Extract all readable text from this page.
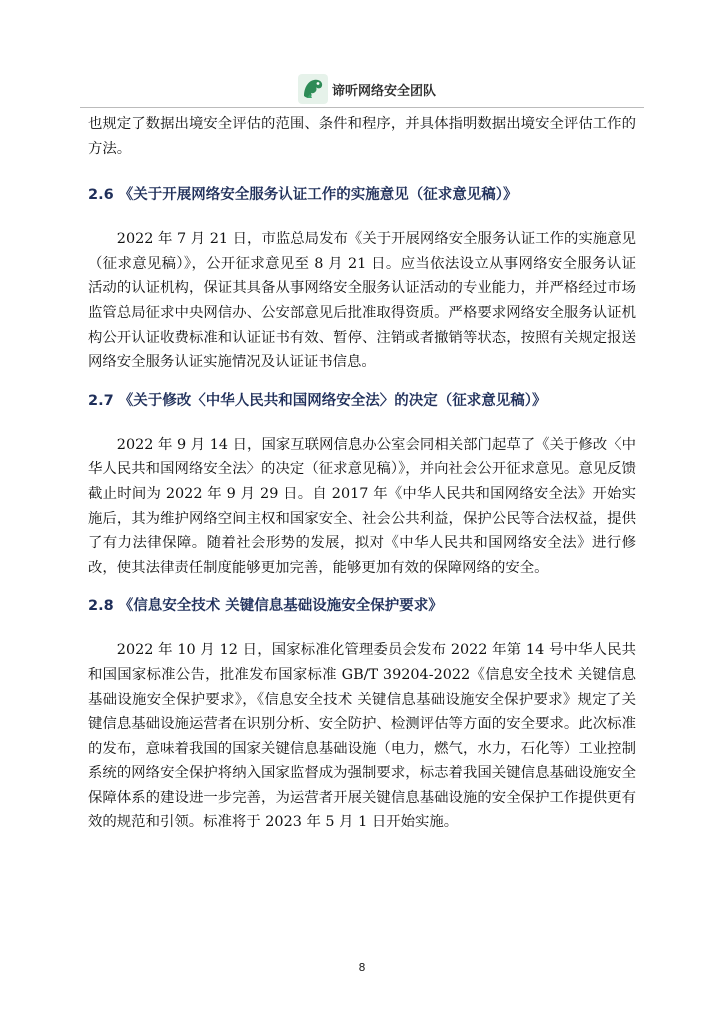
谛听网络安全团队

也规定了数据出境安全评估的范围、条件和程序，并具体指明数据出境安全评估工作的方法。

2.6 《关于开展网络安全服务认证工作的实施意见（征求意见稿）》

2022 年 7 月 21 日，市监总局发布《关于开展网络安全服务认证工作的实施意见（征求意见稿）》，公开征求意见至 8 月 21 日。应当依法设立从事网络安全服务认证活动的认证机构，保证其具备从事网络安全服务认证活动的专业能力，并严格经过市场监管总局征求中央网信办、公安部意见后批准取得资质。严格要求网络安全服务认证机构公开认证收费标准和认证证书有效、暂停、注销或者撤销等状态，按照有关规定报送网络安全服务认证实施情况及认证证书信息。

2.7 《关于修改〈中华人民共和国网络安全法〉的决定（征求意见稿）》

2022 年 9 月 14 日，国家互联网信息办公室会同相关部门起草了《关于修改〈中华人民共和国网络安全法〉的决定（征求意见稿）》，并向社会公开征求意见。意见反馈截止时间为 2022 年 9 月 29 日。自 2017 年《中华人民共和国网络安全法》开始实施后，其为维护网络空间主权和国家安全、社会公共利益，保护公民等合法权益，提供了有力法律保障。随着社会形势的发展，拟对《中华人民共和国网络安全法》进行修改，使其法律责任制度能够更加完善，能够更加有效的保障网络的安全。

2.8 《信息安全技术 关键信息基础设施安全保护要求》

2022 年 10 月 12 日，国家标准化管理委员会发布 2022 年第 14 号中华人民共和国国家标准公告，批准发布国家标准 GB/T 39204-2022《信息安全技术 关键信息基础设施安全保护要求》，《信息安全技术 关键信息基础设施安全保护要求》规定了关键信息基础设施运营者在识别分析、安全防护、检测评估等方面的安全要求。此次标准的发布，意味着我国的国家关键信息基础设施（电力，燃气，水力，石化等）工业控制系统的网络安全保护将纳入国家监督成为强制要求，标志着我国关键信息基础设施安全保障体系的建设进一步完善，为运营者开展关键信息基础设施的安全保护工作提供更有效的规范和引领。标准将于 2023 年 5 月 1 日开始实施。

8
